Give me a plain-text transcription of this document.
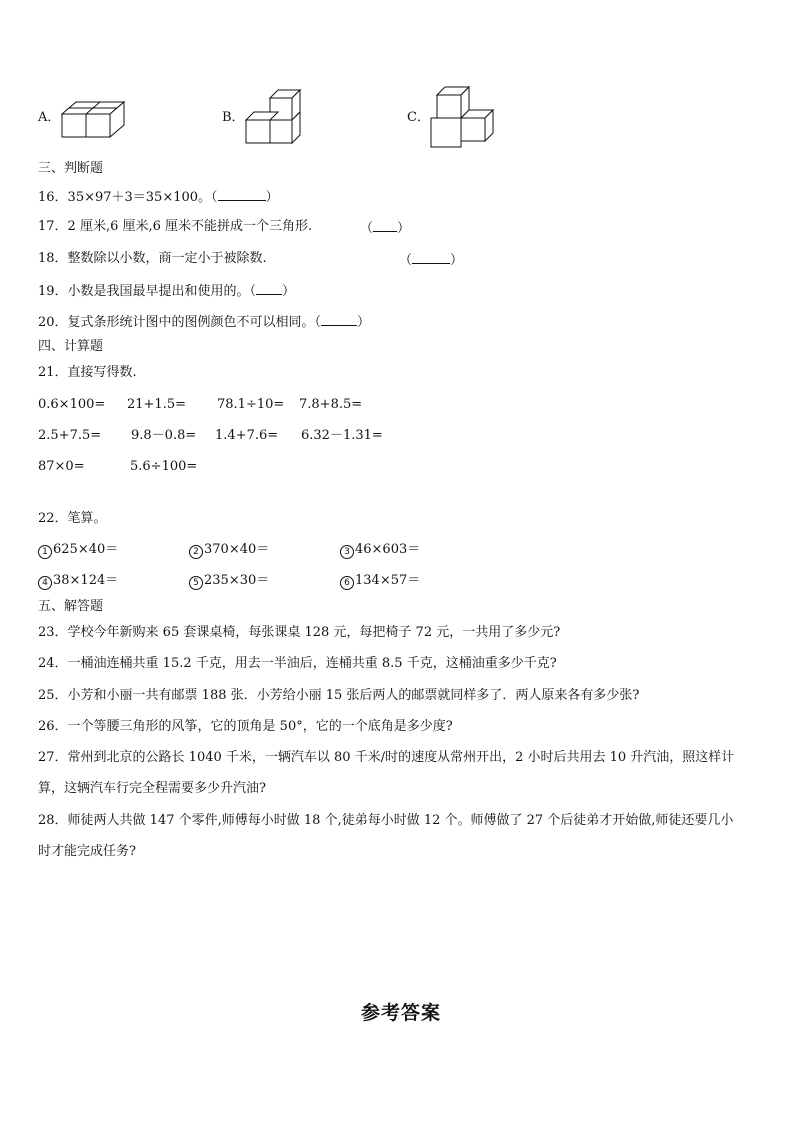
A．	B．	C．
三、判断题
16．35×97＋3＝35×100。（	）
17．2 厘米,6 厘米,6 厘米不能拼成一个三角形.	（ ）
18．整数除以小数，商一定小于被除数.	（	）
19．小数是我国最早提出和使用的。（ ）
20．复式条形统计图中的图例颜色不可以相同。（	）
四、计算题
21．直接写得数.
0.6×100= 21+1.5= 78.1÷10= 7.8+8.5=
2.5+7.5= 9.8－0.8= 1.4+7.6= 6.32－1.31=
87×0=	5.6÷100=
22．笔算。
1 625×40＝	2 370×40＝	3 46×603＝
4 38×124＝	5 235×30＝	6 134×57＝
五、解答题
23．学校今年新购来 65 套课桌椅，每张课桌 128 元，每把椅子 72 元，一共用了多少元?
24．一桶油连桶共重 15.2 千克，用去一半油后，连桶共重 8.5 千克，这桶油重多少千克?
25．小芳和小丽一共有邮票 188 张．小芳给小丽 15 张后两人的邮票就同样多了．两人原来各有多少张?
26．一个等腰三角形的风筝，它的顶角是 50°，它的一个底角是多少度?
27．常州到北京的公路长 1040 千米，一辆汽车以 80 千米/时的速度从常州开出，2 小时后共用去 10 升汽油，照这样计
算，这辆汽车行完全程需要多少升汽油?
28．师徒两人共做 147 个零件,师傅每小时做 18 个,徒弟每小时做 12 个。师傅做了 27 个后徒弟才开始做,师徒还要几小
时才能完成任务?
参考答案
